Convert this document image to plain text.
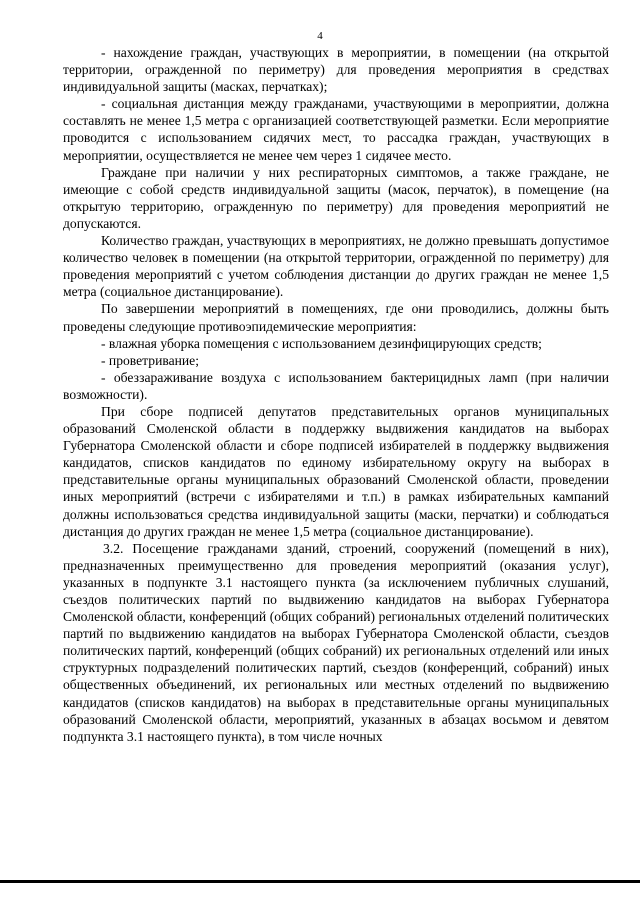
4

- нахождение граждан, участвующих в мероприятии, в помещении (на открытой территории, огражденной по периметру) для проведения мероприятия в средствах индивидуальной защиты (масках, перчатках);

- социальная дистанция между гражданами, участвующими в мероприятии, должна составлять не менее 1,5 метра с организацией соответствующей разметки. Если мероприятие проводится с использованием сидячих мест, то рассадка граждан, участвующих в мероприятии, осуществляется не менее чем через 1 сидячее место.

Граждане при наличии у них респираторных симптомов, а также граждане, не имеющие с собой средств индивидуальной защиты (масок, перчаток), в помещение (на открытую территорию, огражденную по периметру) для проведения мероприятий не допускаются.

Количество граждан, участвующих в мероприятиях, не должно превышать допустимое количество человек в помещении (на открытой территории, огражденной по периметру) для проведения мероприятий с учетом соблюдения дистанции до других граждан не менее 1,5 метра (социальное дистанцирование).

По завершении мероприятий в помещениях, где они проводились, должны быть проведены следующие противоэпидемические мероприятия:

- влажная уборка помещения с использованием дезинфицирующих средств;

- проветривание;

- обеззараживание воздуха с использованием бактерицидных ламп (при наличии возможности).

При сборе подписей депутатов представительных органов муниципальных образований Смоленской области в поддержку выдвижения кандидатов на выборах Губернатора Смоленской области и сборе подписей избирателей в поддержку выдвижения кандидатов, списков кандидатов по единому избирательному округу на выборах в представительные органы муниципальных образований Смоленской области, проведении иных мероприятий (встречи с избирателями и т.п.) в рамках избирательных кампаний должны использоваться средства индивидуальной защиты (маски, перчатки) и соблюдаться дистанция до других граждан не менее 1,5 метра (социальное дистанцирование).

3.2. Посещение гражданами зданий, строений, сооружений (помещений в них), предназначенных преимущественно для проведения мероприятий (оказания услуг), указанных в подпункте 3.1 настоящего пункта (за исключением публичных слушаний, съездов политических партий по выдвижению кандидатов на выборах Губернатора Смоленской области, конференций (общих собраний) региональных отделений политических партий по выдвижению кандидатов на выборах Губернатора Смоленской области, съездов политических партий, конференций (общих собраний) их региональных отделений или иных структурных подразделений политических партий, съездов (конференций, собраний) иных общественных объединений, их региональных или местных отделений по выдвижению кандидатов (списков кандидатов) на выборах в представительные органы муниципальных образований Смоленской области, мероприятий, указанных в абзацах восьмом и девятом подпункта 3.1 настоящего пункта), в том числе ночных
